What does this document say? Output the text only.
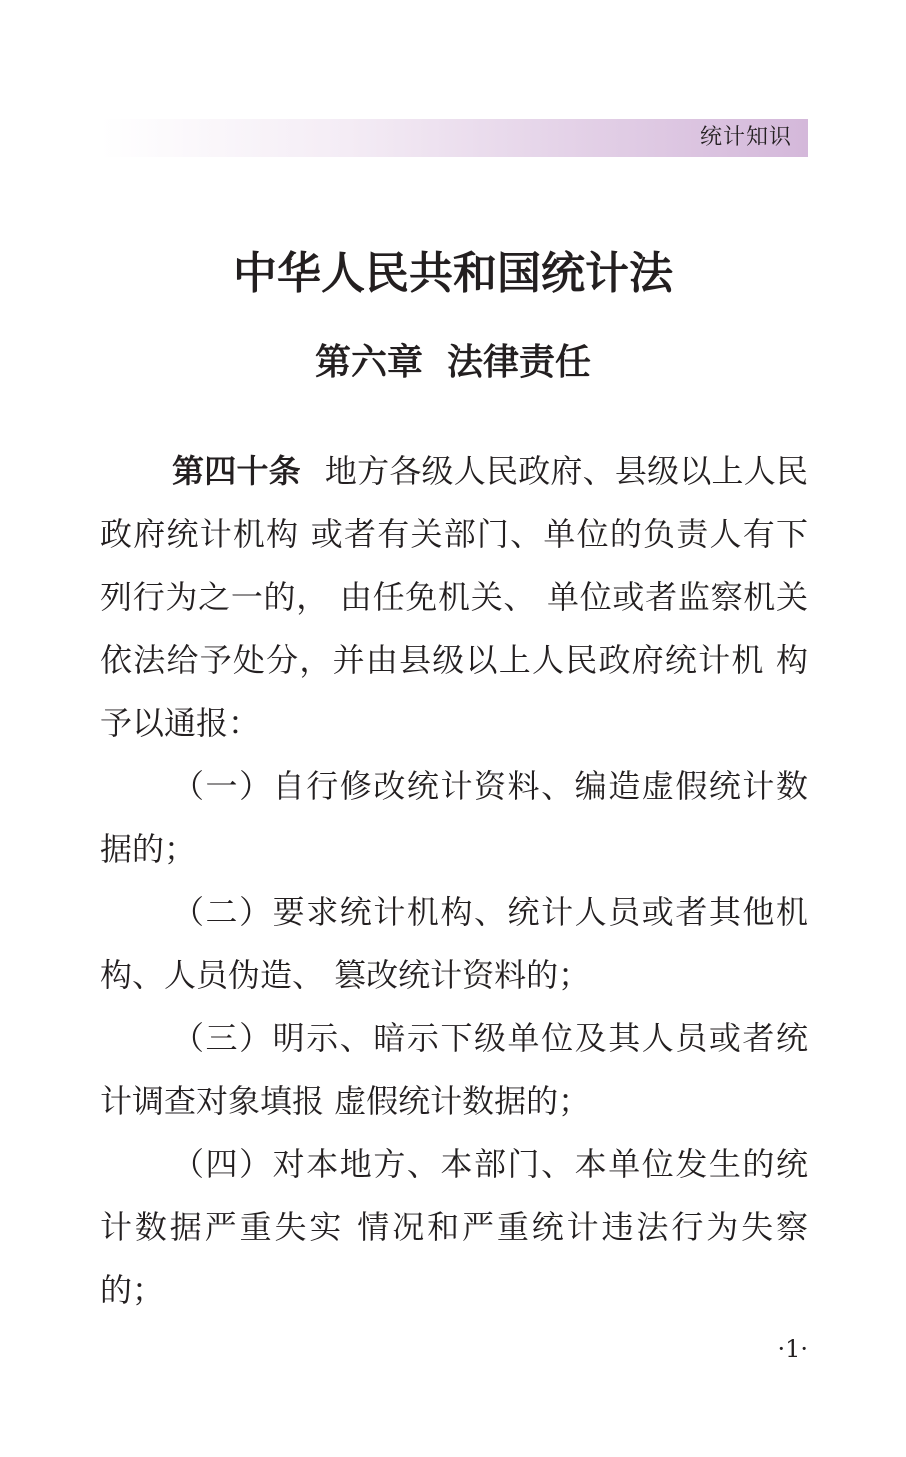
统计知识
中华人民共和国统计法
第六章 法律责任

第四十条 地方各级人民政府、县级以上人民政府统计机构 或者有关部门、单位的负责人有下列行为之一的， 由任免机关、 单位或者监察机关依法给予处分，并由县级以上人民政府统计机 构予以通报：

（一）自行修改统计资料、编造虚假统计数据的；

（二）要求统计机构、统计人员或者其他机构、人员伪造、 篡改统计资料的；

（三）明示、暗示下级单位及其人员或者统计调查对象填报 虚假统计数据的；

（四）对本地方、本部门、本单位发生的统计数据严重失实 情况和严重统计违法行为失察的；

·1·
